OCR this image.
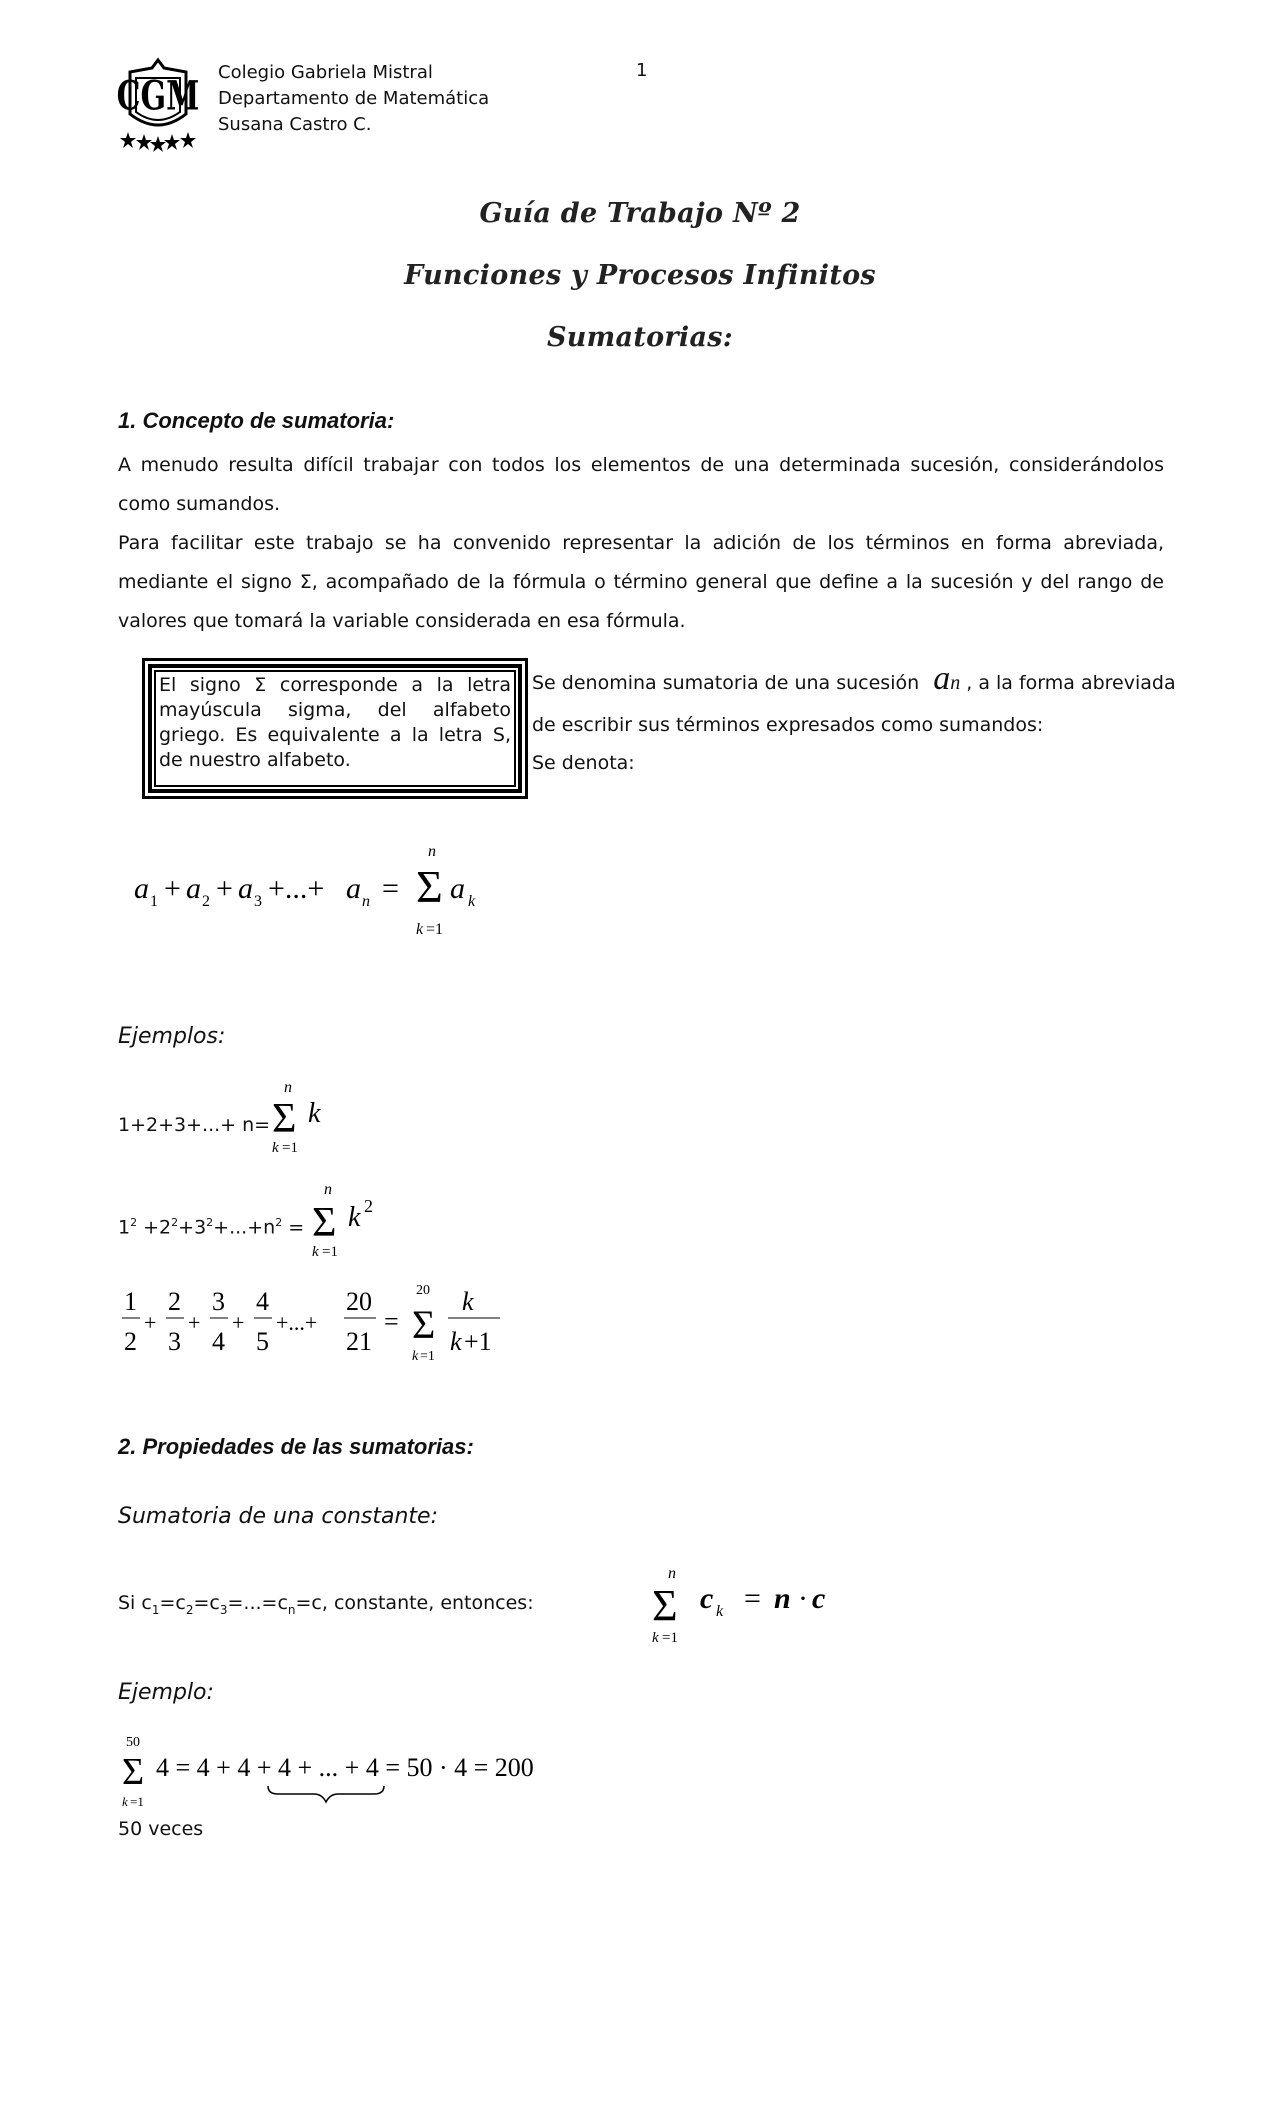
CGM
Colegio Gabriela Mistral
Departamento de Matemática
Susana Castro C.
1
Guía de Trabajo Nº 2
Funciones y Procesos Infinitos
Sumatorias:
1. Concepto de sumatoria:
A menudo resulta difícil trabajar con todos los elementos de una determinada sucesión, considerándolos como sumandos.
Para facilitar este trabajo se ha convenido representar la adición de los términos en forma abreviada, mediante el signo Σ, acompañado de la fórmula o término general que define a la sucesión y del rango de valores que tomará la variable considerada en esa fórmula.
El signo Σ corresponde a la letra mayúscula sigma, del alfabeto griego. Es equivalente a la letra S, de nuestro alfabeto.
Se denomina sumatoria de una sucesión an , a la forma abreviada
de escribir sus términos expresados como sumandos:
Se denota:
a 1 + a 2 + a 3 +...+ a n = Σ
n
k =1
a k
Ejemplos:
1+2+3+...+ n=
n
Σ k
k =1
$1^2 +2^2+3^2+...+n^2$ =
n
Σ k 2
k =1
1
2
+
2
3
+
3
4
+
4
5
+...+
20
21
=
20
Σ
k =1
k
k +1
2. Propiedades de las sumatorias:
Sumatoria de una constante:
Si $c_1=c_2=c_3=...=c_n=c$, constante, entonces:
n
Σ
k =1
c k = n · c
Ejemplo:
50
Σ
k =1
4 = 4 + 4 + 4 + ... + 4 = 50 · 4 = 200
50 veces
